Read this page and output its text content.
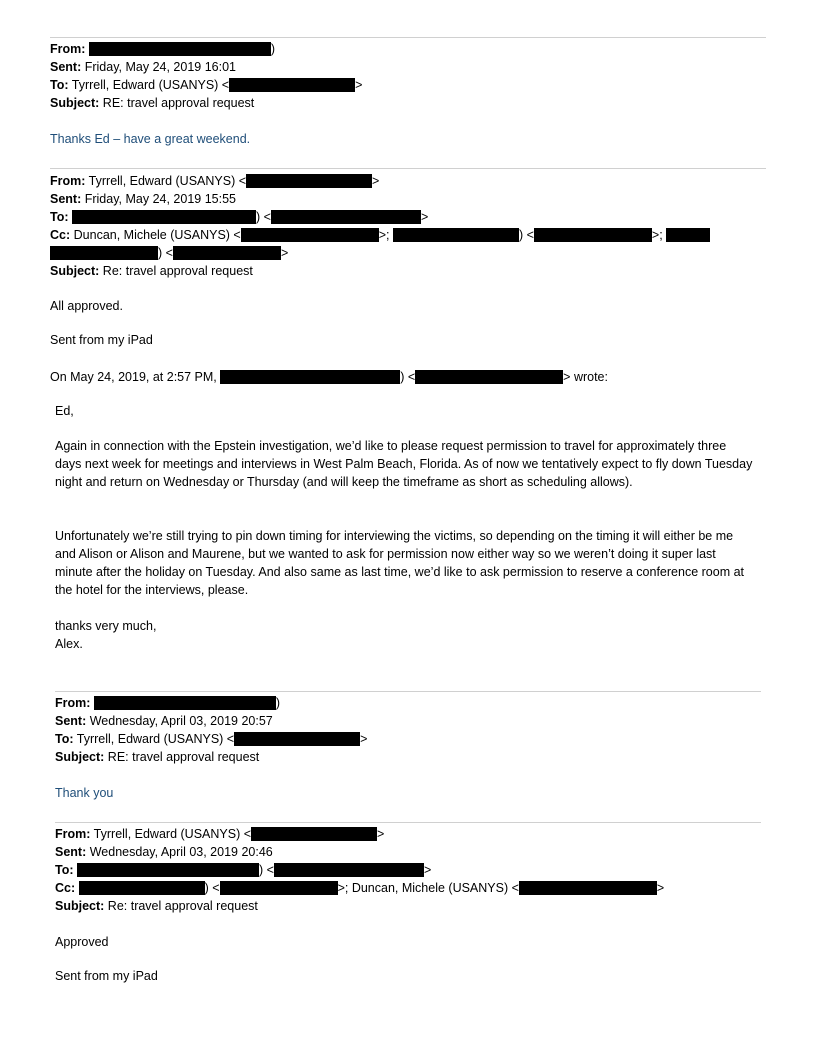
From:	)
Sent: Friday, May 24, 2019 16:01
To: Tyrrell, Edward (USANYS) <	>
Subject: RE: travel approval request
Thanks Ed – have a great weekend.
From: Tyrrell, Edward (USANYS) <	>
Sent: Friday, May 24, 2019 15:55
To:	) <	>
Cc: Duncan, Michele (USANYS) <	>;	) <	>;
) <	>
Subject: Re: travel approval request
All approved.
Sent from my iPad
On May 24, 2019, at 2:57 PM,	) <	> wrote:
Ed,
Again in connection with the Epstein investigation, we’d like to please request permission to travel for approximately three days next week for meetings and interviews in West Palm Beach, Florida. As of now we tentatively expect to fly down Tuesday night and return on Wednesday or Thursday (and will keep the timeframe as short as scheduling allows).
Unfortunately we’re still trying to pin down timing for interviewing the victims, so depending on the timing it will either be me and Alison or Alison and Maurene, but we wanted to ask for permission now either way so we weren’t doing it super last minute after the holiday on Tuesday. And also same as last time, we’d like to ask permission to reserve a conference room at the hotel for the interviews, please.
thanks very much,
Alex.
From:	)
Sent: Wednesday, April 03, 2019 20:57
To: Tyrrell, Edward (USANYS) <	>
Subject: RE: travel approval request
Thank you
From: Tyrrell, Edward (USANYS) <	>
Sent: Wednesday, April 03, 2019 20:46
To:	) <	>
Cc:	) <	>; Duncan, Michele (USANYS) <	>
Subject: Re: travel approval request
Approved
Sent from my iPad
